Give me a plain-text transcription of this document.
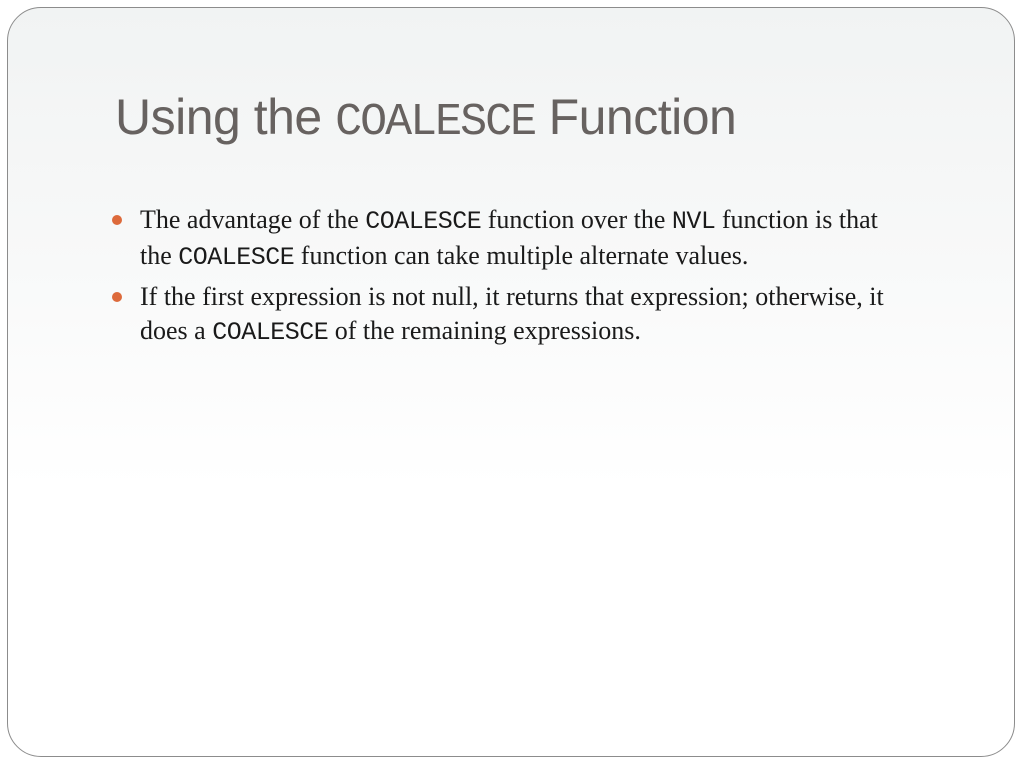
Using the COALESCE Function
The advantage of the COALESCE function over the NVL function is that the COALESCE function can take multiple alternate values.
If the first expression is not null, it returns that expression; otherwise, it does a COALESCE of the remaining expressions.
